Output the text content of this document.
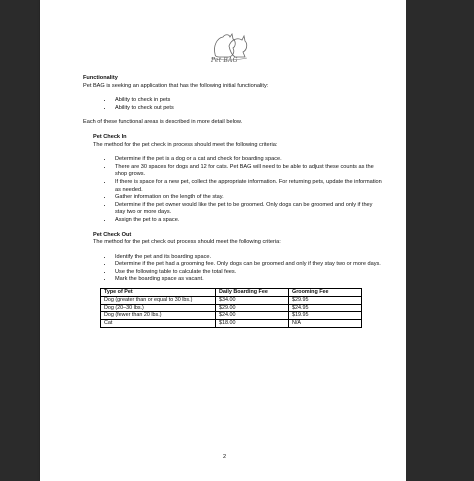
Pet BAG

Functionality

Pet BAG is seeking an application that has the following initial functionality:

• Ability to check in pets
• Ability to check out pets

Each of these functional areas is described in more detail below.

Pet Check In

The method for the pet check in process should meet the following criteria:

• Determine if the pet is a dog or a cat and check for boarding space.
• There are 30 spaces for dogs and 12 for cats. Pet BAG will need to be able to adjust these counts as the shop grows.
• If there is space for a new pet, collect the appropriate information. For returning pets, update the information as needed.
• Gather information on the length of the stay.
• Determine if the pet owner would like the pet to be groomed. Only dogs can be groomed and only if they stay two or more days.
• Assign the pet to a space.

Pet Check Out

The method for the pet check out process should meet the following criteria:

• Identify the pet and its boarding space.
• Determine if the pet had a grooming fee. Only dogs can be groomed and only if they stay two or more days.
• Use the following table to calculate the total fees.
• Mark the boarding space as vacant.
Type of Pet	Daily Boarding Fee	Grooming Fee
Dog (greater than or equal to 30 lbs.)	$34.00	$29.95
Dog (20–30 lbs.)	$29.00	$24.95
Dog (fewer than 20 lbs.)	$24.00	$19.95
Cat	$18.00	N/A
2
